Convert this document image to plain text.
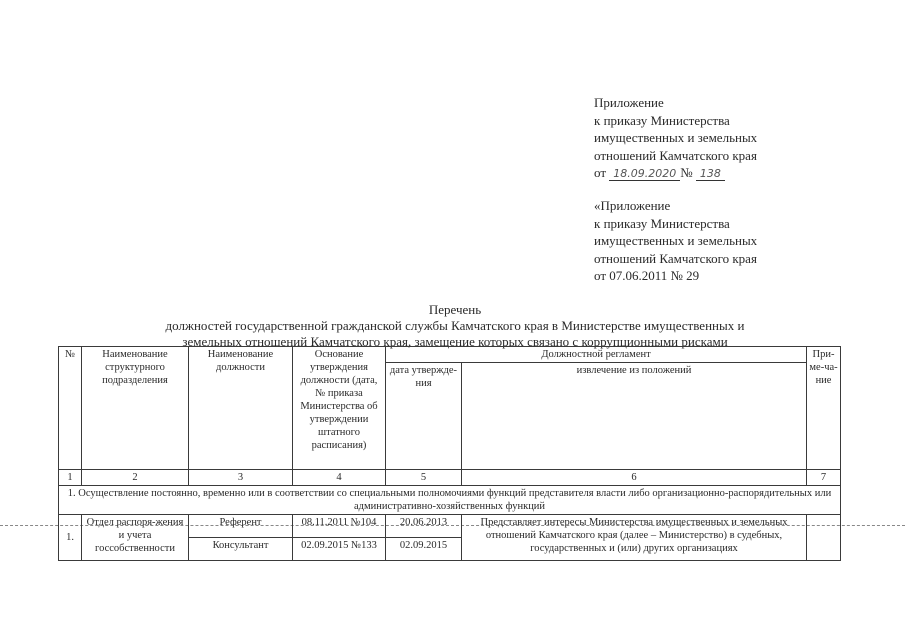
Приложение
к приказу Министерства
имущественных и земельных
отношений Камчатского края
от 18.09.2020 № 138
«Приложение
к приказу Министерства
имущественных и земельных
отношений Камчатского края
от 07.06.2011 № 29
Перечень
должностей государственной гражданской службы Камчатского края в Министерстве имущественных и
земельных отношений Камчатского края, замещение которых связано с коррупционными рисками
№	Наименование структурного подразделения	Наименование должности	Основание утверждения должности (дата, № приказа Министерства об утверждении штатного расписания)	Должностной регламент		При-ме-ча-ние
				дата утвержде-ния	извлечение из положений	
1	2	3	4	5	6	7
1. Осуществление постоянно, временно или в соответствии со специальными полномочиями функций представителя власти либо организационно-распорядительных или административно-хозяйственных функций						
1.	Отдел распоря-жения и учета госсобственности	Референт	08.11.2011 №104	20.06.2013	Представляет интересы Министерства имущественных и земельных отношений Камчатского края (далее – Министерство) в судебных, государственных и (или) других организациях	
		Консультант	02.09.2015 №133	02.09.2015		
